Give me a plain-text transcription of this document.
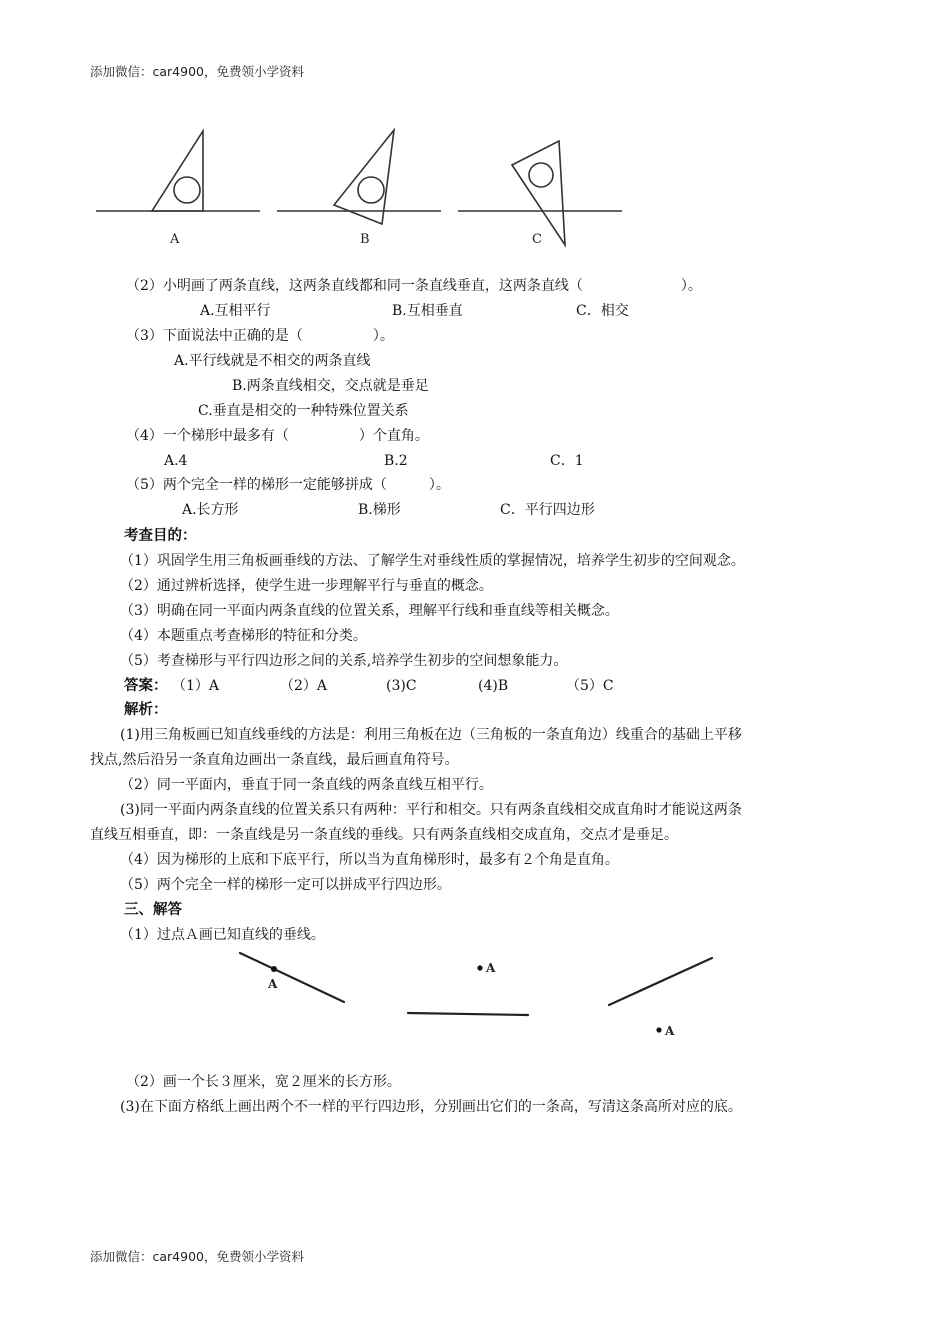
添加微信：car4900，免费领小学资料
A	B	C
（2）小明画了两条直线，这两条直线都和同一条直线垂直，这两条直线（　　　　　　　）。
A.互相平行	B.互相垂直	C．相交
（3）下面说法中正确的是（　　　　　）。
A.平行线就是不相交的两条直线
B.两条直线相交，交点就是垂足
C.垂直是相交的一种特殊位置关系
（4）一个梯形中最多有（　　　　　）个直角。
A.4	B.2	C．1
（5）两个完全一样的梯形一定能够拼成（　　　）。
A.长方形	B.梯形	C．平行四边形
考查目的：
（1）巩固学生用三角板画垂线的方法、了解学生对垂线性质的掌握情况，培养学生初步的空间观念。
（2）通过辨析选择，使学生进一步理解平行与垂直的概念。
（3）明确在同一平面内两条直线的位置关系，理解平行线和垂直线等相关概念。
（4）本题重点考查梯形的特征和分类。
（5）考查梯形与平行四边形之间的关系,培养学生初步的空间想象能力。
答案： （1）A	（2）A	(3)C	(4)B	（5）C
解析：
(1)用三角板画已知直线垂线的方法是：利用三角板在边（三角板的一条直角边）线重合的基础上平移
找点,然后沿另一条直角边画出一条直线，最后画直角符号。
（2）同一平面内，垂直于同一条直线的两条直线互相平行。
(3)同一平面内两条直线的位置关系只有两种：平行和相交。只有两条直线相交成直角时才能说这两条
直线互相垂直，即：一条直线是另一条直线的垂线。只有两条直线相交成直角，交点才是垂足。
（4）因为梯形的上底和下底平行，所以当为直角梯形时，最多有２个角是直角。
（5）两个完全一样的梯形一定可以拼成平行四边形。
三、解答
（1）过点Ａ画已知直线的垂线。
A
A
A
（2）画一个长３厘米，宽２厘米的长方形。
(3)在下面方格纸上画出两个不一样的平行四边形，分别画出它们的一条高，写清这条高所对应的底。
添加微信：car4900，免费领小学资料
